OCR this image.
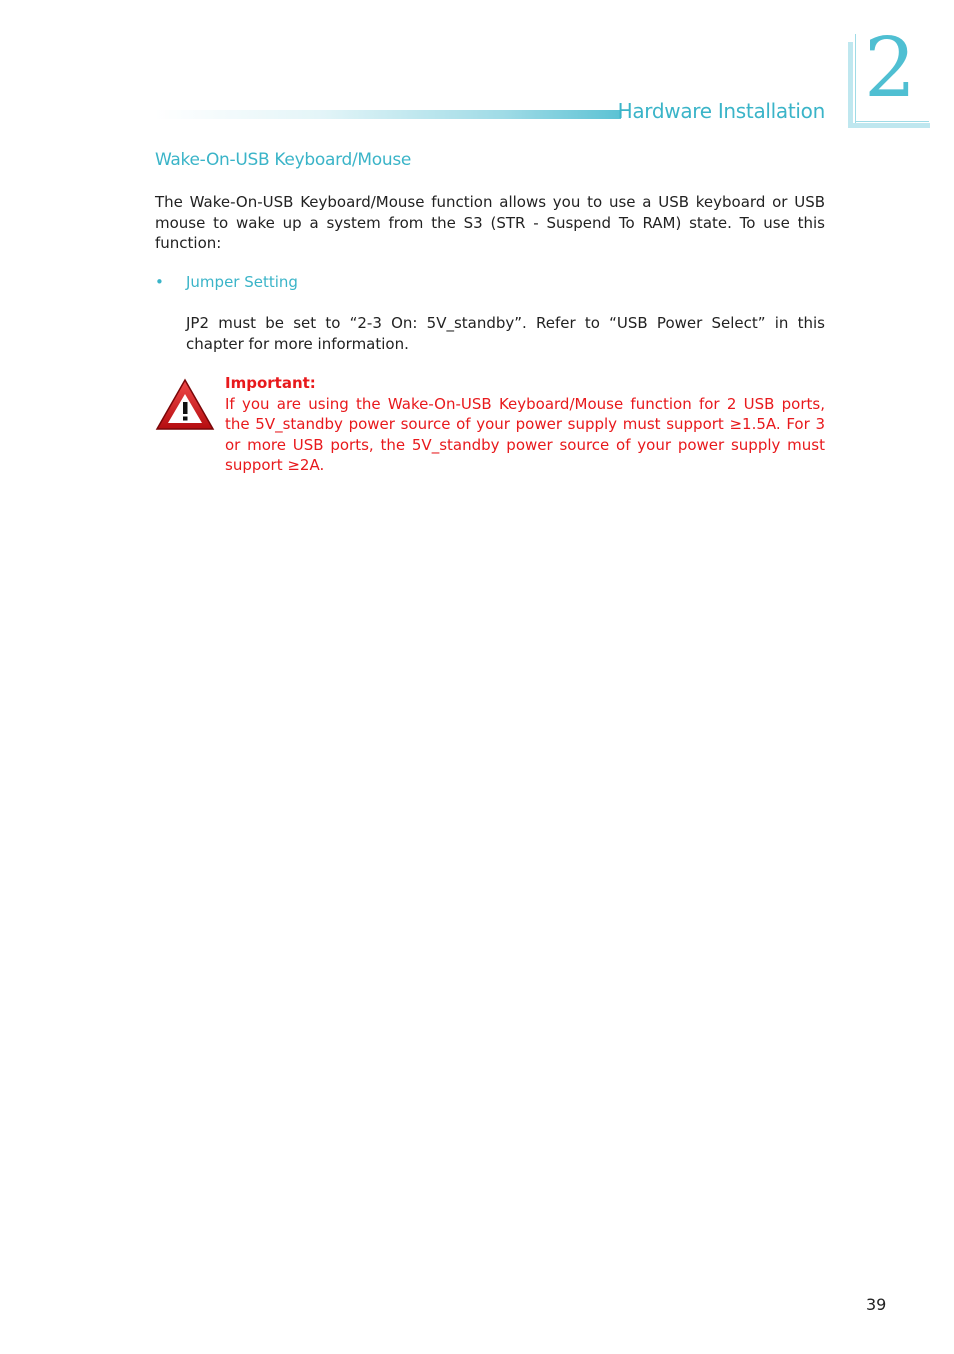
Hardware Installation 2
Wake-On-USB Keyboard/Mouse
The Wake-On-USB Keyboard/Mouse function allows you to use a USB keyboard or USB mouse to wake up a system from the S3 (STR - Suspend To RAM) state. To use this function:
• Jumper Setting
JP2 must be set to “2-3 On: 5V_standby”. Refer to “USB Power Select” in this chapter for more information.
Important:
If you are using the Wake-On-USB Keyboard/Mouse function for 2 USB ports, the 5V_standby power source of your power supply must support ≥1.5A. For 3 or more USB ports, the 5V_standby power source of your power supply must support ≥2A.
39
